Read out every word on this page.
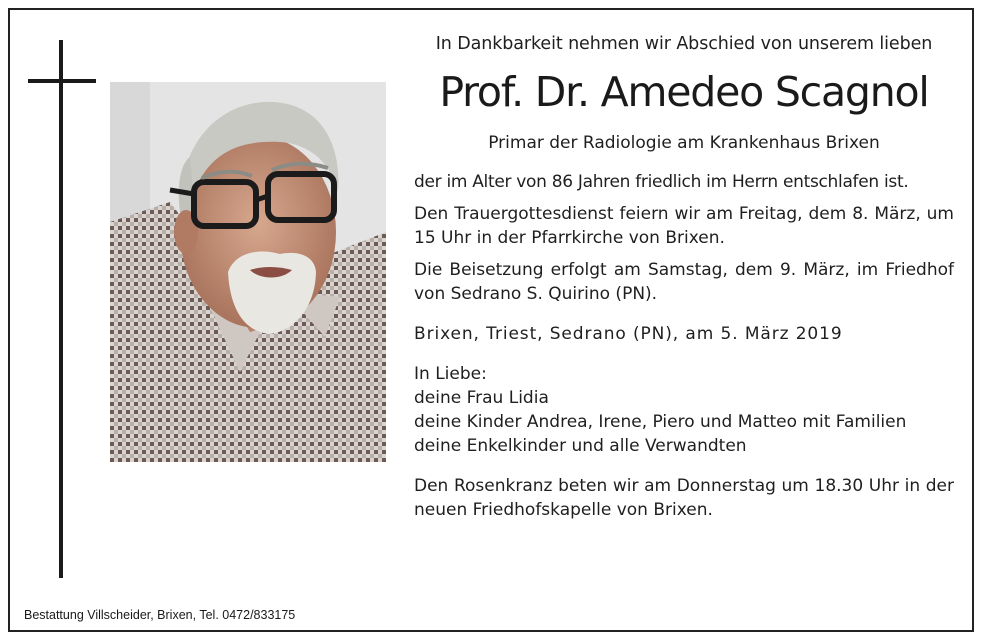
In Dankbarkeit nehmen wir Abschied von unserem lieben

Prof. Dr. Amedeo Scagnol

Primar der Radiologie am Krankenhaus Brixen

der im Alter von 86 Jahren friedlich im Herrn entschlafen ist.

Den Trauergottesdienst feiern wir am Freitag, dem 8. März, um 15 Uhr in der Pfarrkirche von Brixen.

Die Beisetzung erfolgt am Samstag, dem 9. März, im Friedhof von Sedrano S. Quirino (PN).

Brixen, Triest, Sedrano (PN), am 5. März 2019
In Liebe:
deine Frau Lidia
deine Kinder Andrea, Irene, Piero und Matteo mit Familien
deine Enkelkinder und alle Verwandten

Den Rosenkranz beten wir am Donnerstag um 18.30 Uhr in der neuen Friedhofskapelle von Brixen.

Bestattung Villscheider, Brixen, Tel. 0472/833175
